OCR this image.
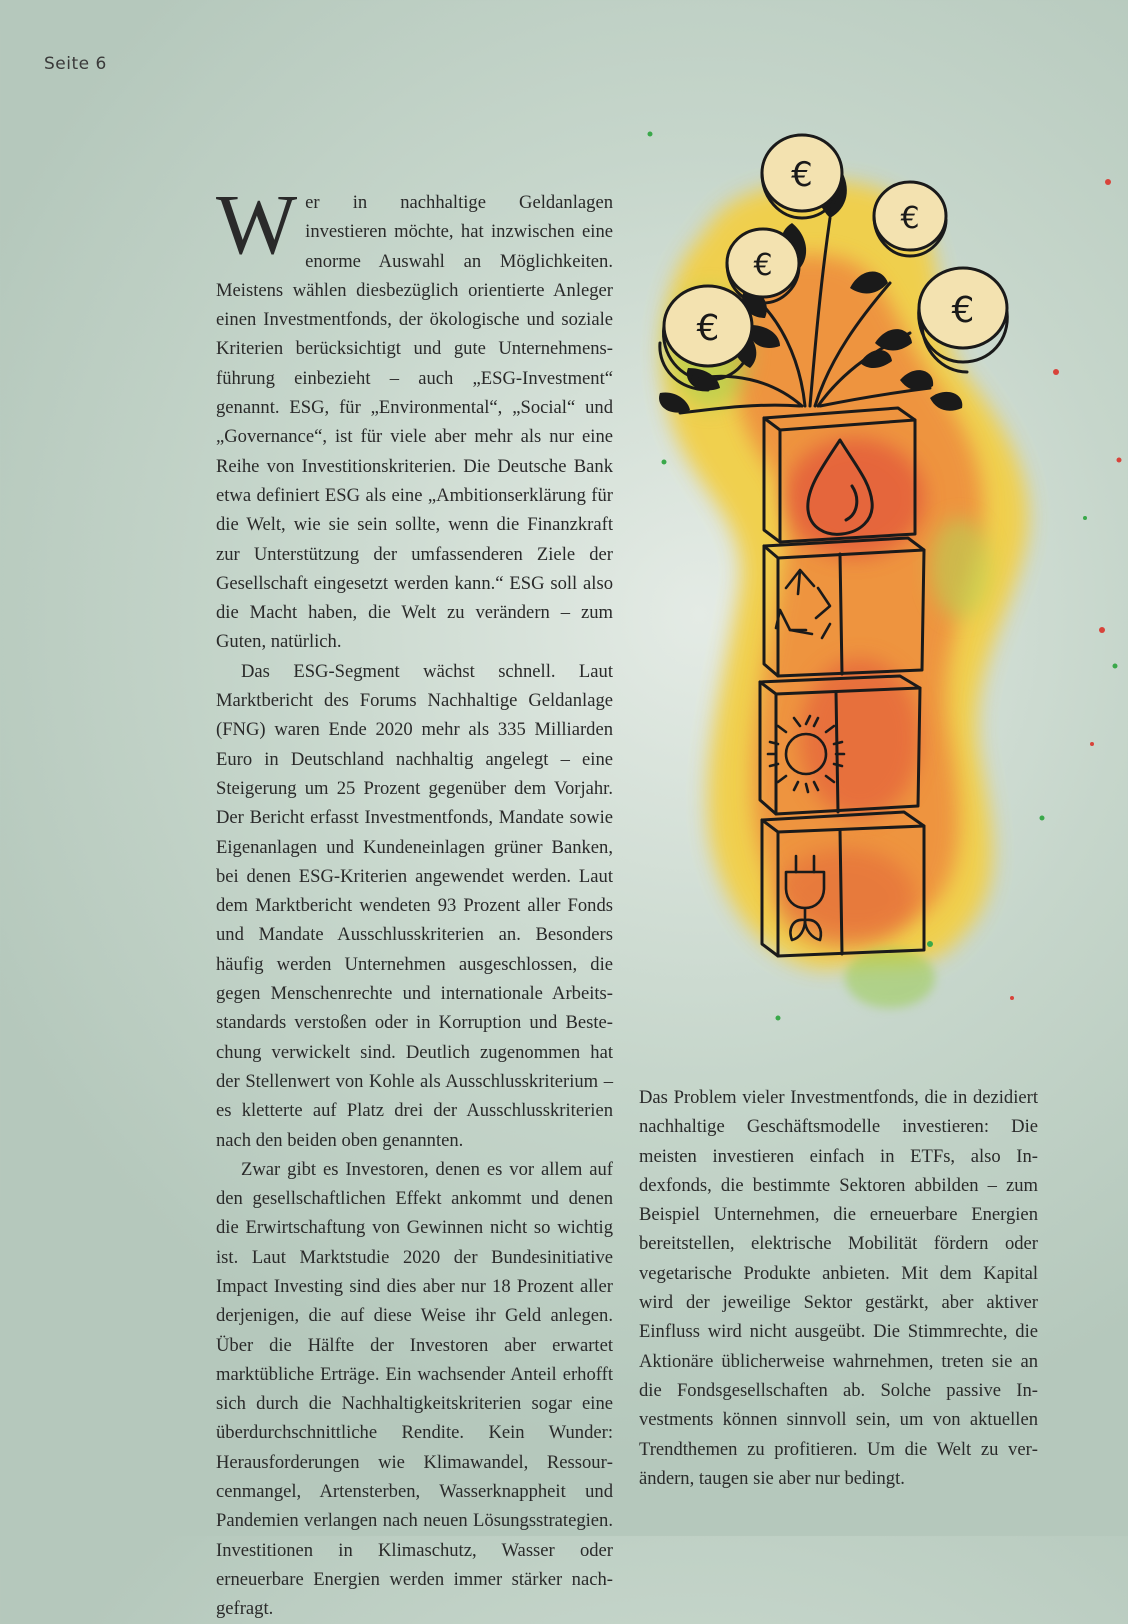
Seite 6

Wer in nachhaltige Geldanlagen investieren möchte, hat inzwischen eine enorme Auswahl an Möglichkeiten. Meistens wählen diesbezüglich orientierte Anleger einen Investmentfonds, der ökologische und soziale Kriterien berücksichtigt und gute Unternehmensführung einbezieht – auch „ESG-Investment“ genannt. ESG, für „Environmental“, „Social“ und „Governance“, ist für viele aber mehr als nur eine Reihe von Investitionskriterien. Die Deutsche Bank etwa definiert ESG als eine „Ambitionserklärung für die Welt, wie sie sein sollte, wenn die Finanzkraft zur Unterstützung der umfassenderen Ziele der Gesellschaft eingesetzt werden kann.“ ESG soll also die Macht haben, die Welt zu verändern – zum Guten, natürlich.

Das ESG-Segment wächst schnell. Laut Marktbericht des Forums Nachhaltige Geldanlage (FNG) waren Ende 2020 mehr als 335 Milliarden Euro in Deutschland nachhaltig angelegt – eine Steigerung um 25 Prozent gegenüber dem Vorjahr. Der Bericht erfasst Investmentfonds, Mandate sowie Eigenanlagen und Kundeneinlagen grüner Banken, bei denen ESG-Kriterien angewendet werden. Laut dem Marktbericht wendeten 93 Prozent aller Fonds und Mandate Ausschlusskriterien an. Besonders häufig werden Unternehmen ausgeschlossen, die gegen Menschenrechte und internationale Arbeitsstandards verstoßen oder in Korruption und Bestechung verwickelt sind. Deutlich zugenommen hat der Stellenwert von Kohle als Ausschlusskriterium – es kletterte auf Platz drei der Ausschlusskriterien nach den beiden oben genannten.

Zwar gibt es Investoren, denen es vor allem auf den gesellschaftlichen Effekt ankommt und denen die Erwirtschaftung von Gewinnen nicht so wichtig ist. Laut Marktstudie 2020 der Bundesinitiative Impact Investing sind dies aber nur 18 Prozent aller derjenigen, die auf diese Weise ihr Geld anlegen. Über die Hälfte der Investoren aber erwartet marktübliche Erträge. Ein wachsender Anteil erhofft sich durch die Nachhaltigkeitskriterien sogar eine überdurchschnittliche Rendite. Kein Wunder: Herausforderungen wie Klimawandel, Ressourcenmangel, Artensterben, Wasserknappheit und Pandemien verlangen nach neuen Lösungsstrategien. Investitionen in Klimaschutz, Wasser oder erneuerbare Energien werden immer stärker nachgefragt.

Das Problem vieler Investmentfonds, die in dezidiert nachhaltige Geschäftsmodelle investieren: Die meisten investieren einfach in ETFs, also Indexfonds, die bestimmte Sektoren abbilden – zum Beispiel Unternehmen, die erneuerbare Energien bereitstellen, elektrische Mobilität fördern oder vegetarische Produkte anbieten. Mit dem Kapital wird der jeweilige Sektor gestärkt, aber aktiver Einfluss wird nicht ausgeübt. Die Stimmrechte, die Aktionäre üblicherweise wahrnehmen, treten sie an die Fondsgesellschaften ab. Solche passive Investments können sinnvoll sein, um von aktuellen Trendthemen zu profitieren. Um die Welt zu verändern, taugen sie aber nur bedingt.

€
€
€
€	€
